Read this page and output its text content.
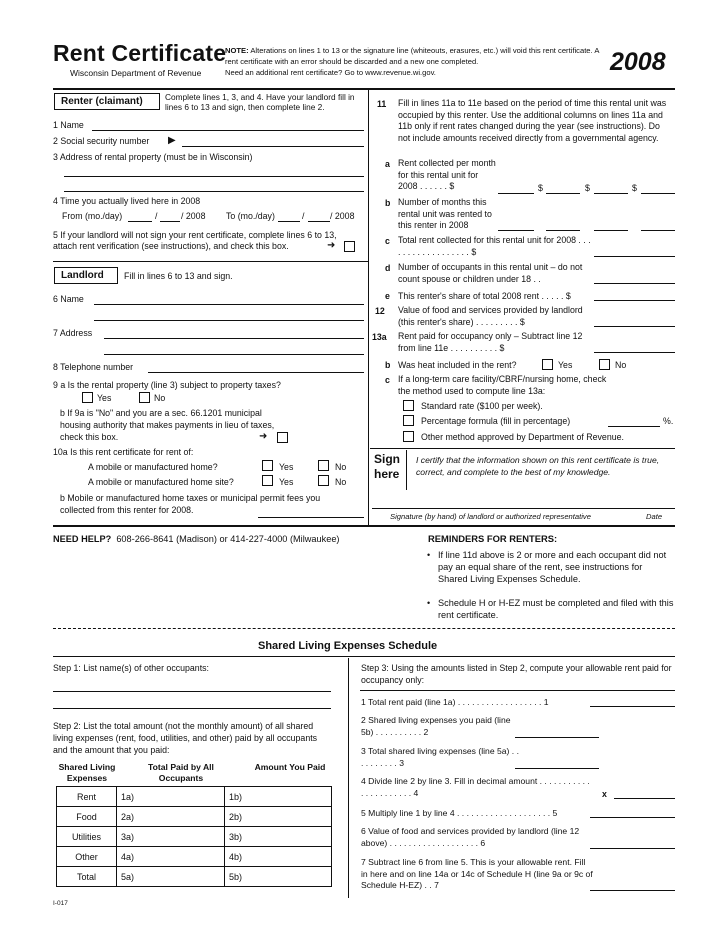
Rent Certificate
Wisconsin Department of Revenue
NOTE: Alterations on lines 1 to 13 or the signature line (whiteouts, erasures, etc.) will void this rent certificate. A rent certificate with an error should be discarded and a new one completed.
Need an additional rent certificate? Go to www.revenue.wi.gov.	2008
Renter (claimant)	Complete lines 1, 3, and 4. Have your landlord fill in lines 6 to 13 and sign, then complete line 2.
1 Name
2 Social security number ▶
3 Address of rental property (must be in Wisconsin)
4 Time you actually lived here in 2008
From (mo./day)	/	/ 2008 To (mo./day)	/	/ 2008
5 If your landlord will not sign your rent certificate, complete lines 6 to 13, attach rent verification (see instructions), and check this box.	➜
Landlord	Fill in lines 6 to 13 and sign.
6 Name
7 Address
8 Telephone number
9 a Is the rental property (line 3) subject to property taxes?
Yes	No
b If 9a is "No" and you are a sec. 66.1201 municipal housing authority that makes payments in lieu of taxes, check this box.	➜
10a Is this rent certificate for rent of:
A mobile or manufactured home?	Yes	No
A mobile or manufactured home site?	Yes	No
b Mobile or manufactured home taxes or municipal permit fees you collected from this renter for 2008.
11 Fill in lines 11a to 11e based on the period of time this rental unit was occupied by this renter. Use the additional columns on lines 11a and 11b only if rent rates changed during the year (see instructions). Do not include amounts received directly from a governmental agency.
a Rent collected per month for this rental unit for 2008 . . . . . . $	$	$	$
b Number of months this rental unit was rented to this renter in 2008
c Total rent collected for this rental unit for 2008 . . . . . . . . . . . . . . . . . . $
d Number of occupants in this rental unit – do not count spouse or children under 18 . .
e This renter's share of total 2008 rent . . . . . $
12 Value of food and services provided by landlord (this renter's share) . . . . . . . . . $
13a Rent paid for occupancy only – Subtract line 12 from line 11e . . . . . . . . . . $
b Was heat included in the rent?	Yes	No
c If a long-term care facility/CBRF/nursing home, check the method used to compute line 13a:
Standard rate ($100 per week).
Percentage formula (fill in percentage)	%.
Other method approved by Department of Revenue.
Sign here
I certify that the information shown on this rent certificate is true, correct, and complete to the best of my knowledge.
Signature (by hand) of landlord or authorized representative	Date
NEED HELP? 608-266-8641 (Madison) or 414-227-4000 (Milwaukee)	REMINDERS FOR RENTERS:
• If line 11d above is 2 or more and each occupant did not pay an equal share of the rent, see instructions for Shared Living Expenses Schedule.
• Schedule H or H-EZ must be completed and filed with this rent certificate.
Shared Living Expenses Schedule
Step 1: List name(s) of other occupants:
Step 2: List the total amount (not the monthly amount) of all shared living expenses (rent, food, utilities, and other) paid by all occupants and the amount that you paid:
Shared Living Expenses
Total Paid by All Occupants
Amount You Paid
Rent	1a)	1b)
Food	2a)	2b)
Utilities	3a)	3b)
Other	4a)	4b)
Total	5a)	5b)
I-017
Step 3: Using the amounts listed in Step 2, compute your allowable rent paid for occupancy only:
1 Total rent paid (line 1a) . . . . . . . . . . . . . . . . . . 1
2 Shared living expenses you paid (line 5b) . . . . . . . . . . 2
3 Total shared living expenses (line 5a) . . . . . . . . . . 3
4 Divide line 2 by line 3. Fill in decimal amount . . . . . . . . . . . . . . . . . . . . . . 4	x
5 Multiply line 1 by line 4 . . . . . . . . . . . . . . . . . . . . 5
6 Value of food and services provided by landlord (line 12 above) . . . . . . . . . . . . . . . . . . . 6
7 Subtract line 6 from line 5. This is your allowable rent. Fill in here and on line 14a or 14c of Schedule H (line 9a or 9c of Schedule H-EZ) . . 7
